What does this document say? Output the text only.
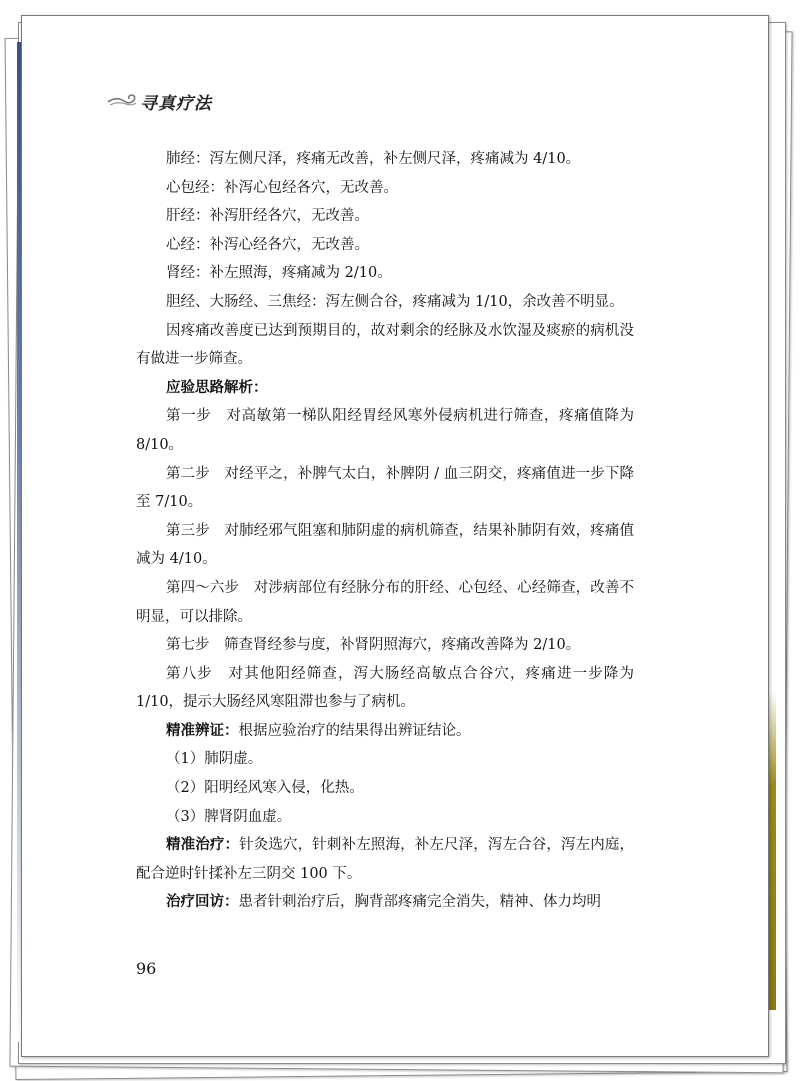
寻真疗法

肺经：泻左侧尺泽，疼痛无改善，补左侧尺泽，疼痛减为 4/10。

心包经：补泻心包经各穴，无改善。

肝经：补泻肝经各穴，无改善。

心经：补泻心经各穴，无改善。

肾经：补左照海，疼痛减为 2/10。

胆经、大肠经、三焦经：泻左侧合谷，疼痛减为 1/10，余改善不明显。

因疼痛改善度已达到预期目的，故对剩余的经脉及水饮湿及痰瘀的病机没有做进一步筛查。

应验思路解析：

第一步　对高敏第一梯队阳经胃经风寒外侵病机进行筛查，疼痛值降为 8/10。

第二步　对经平之，补脾气太白，补脾阴 / 血三阴交，疼痛值进一步下降至 7/10。

第三步　对肺经邪气阻塞和肺阴虚的病机筛查，结果补肺阴有效，疼痛值减为 4/10。

第四～六步　对涉病部位有经脉分布的肝经、心包经、心经筛查，改善不明显，可以排除。

第七步　筛查肾经参与度，补肾阴照海穴，疼痛改善降为 2/10。

第八步　对其他阳经筛查，泻大肠经高敏点合谷穴，疼痛进一步降为 1/10，提示大肠经风寒阻滞也参与了病机。

精准辨证：根据应验治疗的结果得出辨证结论。

（1）肺阴虚。

（2）阳明经风寒入侵，化热。

（3）脾肾阴血虚。

精准治疗：针灸选穴，针刺补左照海，补左尺泽，泻左合谷，泻左内庭，配合逆时针揉补左三阴交 100 下。

治疗回访：患者针刺治疗后，胸背部疼痛完全消失，精神、体力均明

96
